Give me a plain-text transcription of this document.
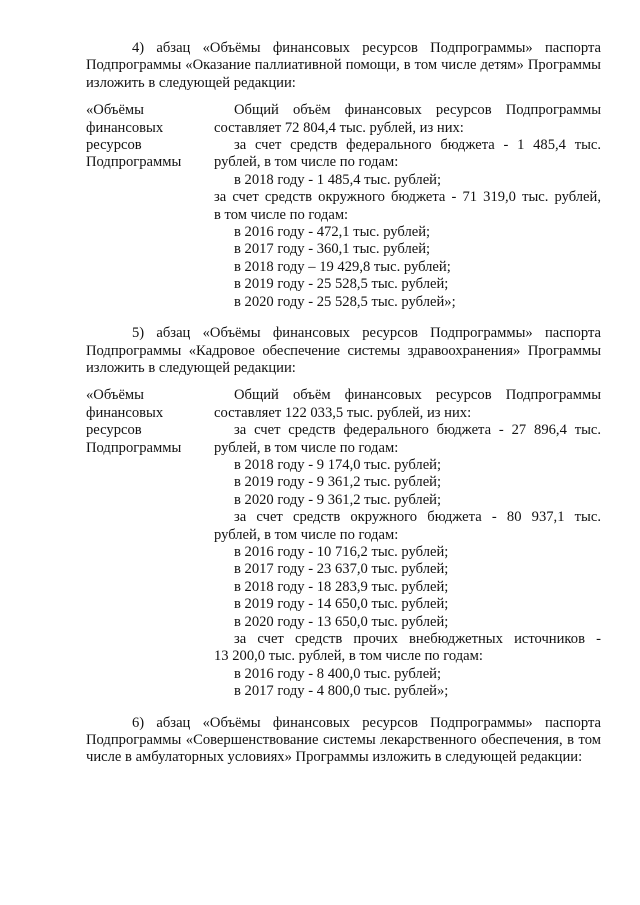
4) абзац «Объёмы финансовых ресурсов Подпрограммы» паспорта Подпрограммы «Оказание паллиативной помощи, в том числе детям» Программы изложить в следующей редакции:

«Объёмы
финансовых
ресурсов
Подпрограммы
Общий объём финансовых ресурсов Подпрограммы
составляет 72 804,4 тыс. рублей, из них:
за счет средств федерального бюджета - 1 485,4 тыс.
рублей, в том числе по годам:
в 2018 году - 1 485,4 тыс. рублей;
за счет средств окружного бюджета - 71 319,0 тыс. рублей,
в том числе по годам:
в 2016 году - 472,1 тыс. рублей;
в 2017 году - 360,1 тыс. рублей;
в 2018 году – 19 429,8 тыс. рублей;
в 2019 году - 25 528,5 тыс. рублей;
в 2020 году - 25 528,5 тыс. рублей»;

5) абзац «Объёмы финансовых ресурсов Подпрограммы» паспорта Подпрограммы «Кадровое обеспечение системы здравоохранения» Программы изложить в следующей редакции:

«Объёмы
финансовых
ресурсов
Подпрограммы
Общий объём финансовых ресурсов Подпрограммы
составляет 122 033,5 тыс. рублей, из них:
за счет средств федерального бюджета - 27 896,4 тыс.
рублей, в том числе по годам:
в 2018 году - 9 174,0 тыс. рублей;
в 2019 году - 9 361,2 тыс. рублей;
в 2020 году - 9 361,2 тыс. рублей;
за счет средств окружного бюджета - 80 937,1 тыс.
рублей, в том числе по годам:
в 2016 году - 10 716,2 тыс. рублей;
в 2017 году - 23 637,0 тыс. рублей;
в 2018 году - 18 283,9 тыс. рублей;
в 2019 году - 14 650,0 тыс. рублей;
в 2020 году - 13 650,0 тыс. рублей;
за счет средств прочих внебюджетных источников -
13 200,0 тыс. рублей, в том числе по годам:
в 2016 году - 8 400,0 тыс. рублей;
в 2017 году - 4 800,0 тыс. рублей»;

6) абзац «Объёмы финансовых ресурсов Подпрограммы» паспорта Подпрограммы «Совершенствование системы лекарственного обеспечения, в том числе в амбулаторных условиях» Программы изложить в следующей редакции:
